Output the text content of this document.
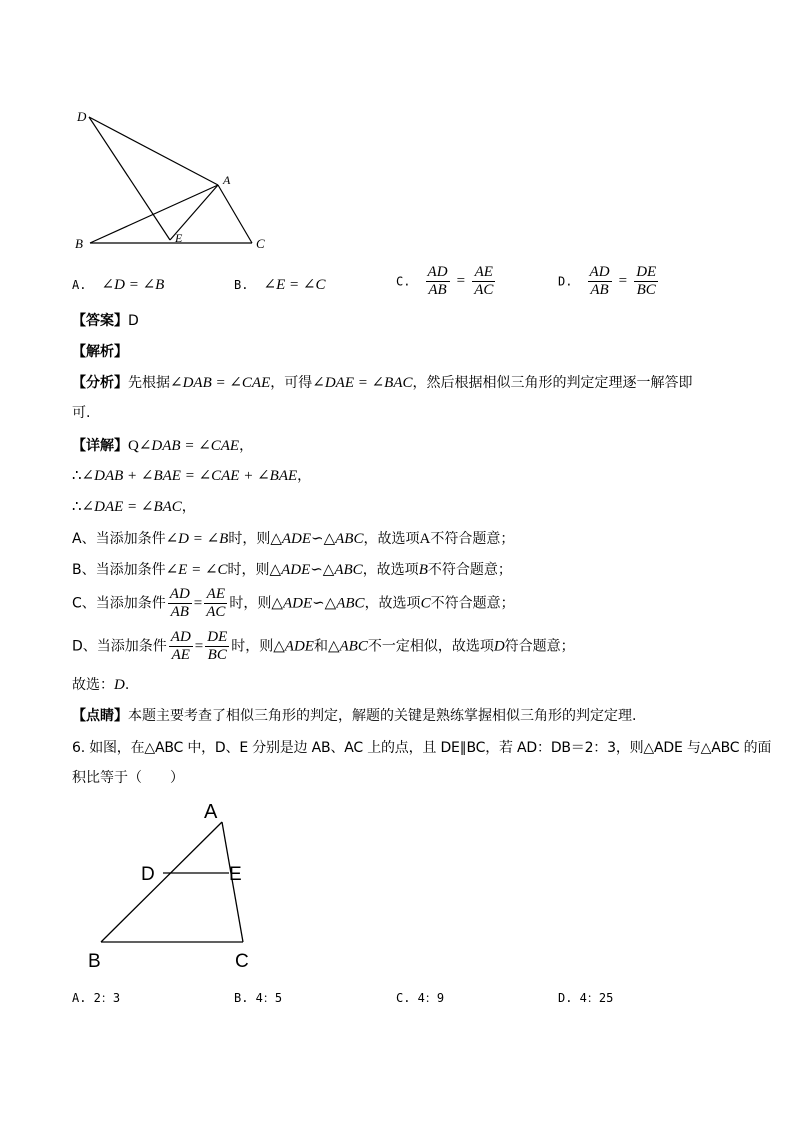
D
A
B	E	C
A. ∠D = ∠B	B. ∠E = ∠C	C. $\frac{AD}{AB} = \frac{AE}{AC}$	D. $\frac{AD}{AB} = \frac{DE}{BC}$
【答案】D
【解析】
【分析】先根据∠DAB = ∠CAE，可得∠DAE = ∠BAC，然后根据相似三角形的判定定理逐一解答即
可.
【详解】Q∠DAB = ∠CAE，
∴∠DAB + ∠BAE = ∠CAE + ∠BAE，
∴∠DAE = ∠BAC，
A、当添加条件∠D = ∠B时，则△ADE∽△ABC，故选项A不符合题意；
B、当添加条件∠E = ∠C时，则△ADE∽△ABC，故选项B不符合题意；
C、当添加条件 $\frac{AD}{AB} = \frac{AE}{AC}$ 时，则△ADE∽△ABC，故选项C不符合题意；
D、当添加条件 $\frac{AD}{AE} = \frac{DE}{BC}$ 时，则△ADE和△ABC不一定相似，故选项D符合题意；
故选：D.
【点睛】本题主要考查了相似三角形的判定，解题的关键是熟练掌握相似三角形的判定定理.
6. 如图，在△ABC 中，D、E 分别是边 AB、AC 上的点，且 DE∥BC，若 AD：DB＝2：3，则△ADE 与△ABC 的面
积比等于（　　）
A
D	E
B	C
A. 2：3	B. 4：5	C. 4：9	D. 4：25
